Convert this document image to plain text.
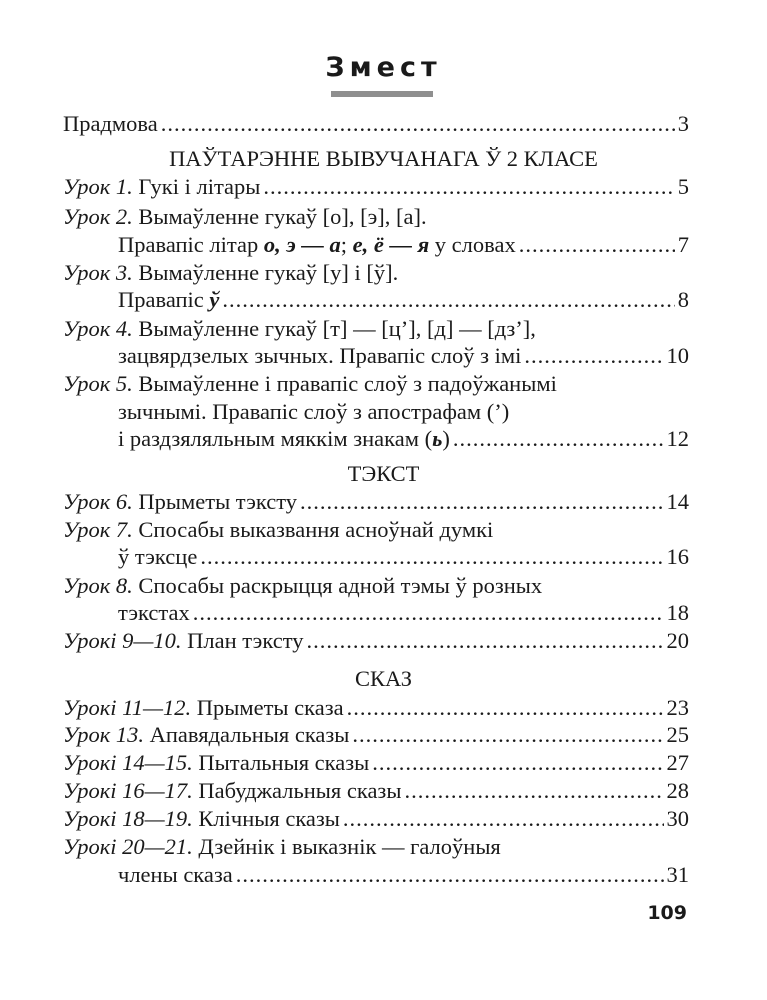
Змест
Прадмова .....	3
ПАЎТАРЭННЕ ВЫВУЧАНАГА Ў 2 КЛАСЕ
Урок 1. Гукі і літары .....	5
Урок 2. Вымаўленне гукаў [о], [э], [а].
Правапіс літар о, э — а; е, ё — я у словах .....	7
Урок 3. Вымаўленне гукаў [у] і [ў].
Правапіс ў .....	8
Урок 4. Вымаўленне гукаў [т] — [ц’], [д] — [дз’],
зацвярдзелых зычных. Правапіс слоў з імі .....	10
Урок 5. Вымаўленне і правапіс слоў з падоўжанымі
зычнымі. Правапіс слоў з апострафам (’)
і раздзяляльным мяккім знакам (ь) .....	12
ТЭКСТ
Урок 6. Прыметы тэксту .....	14
Урок 7. Спосабы выказвання асноўнай думкі
ў тэксце .....	16
Урок 8. Спосабы раскрыцця адной тэмы ў розных
тэкстах .....	18
Урокі 9—10. План тэксту .....	20
СКАЗ
Урокі 11—12. Прыметы сказа .....	23
Урок 13. Апавядальныя сказы .....	25
Урокі 14—15. Пытальныя сказы .....	27
Урокі 16—17. Пабуджальныя сказы .....	28
Урокі 18—19. Клічныя сказы .....	30
Урокі 20—21. Дзейнік і выказнік — галоўныя
члены сказа .....	31
109
